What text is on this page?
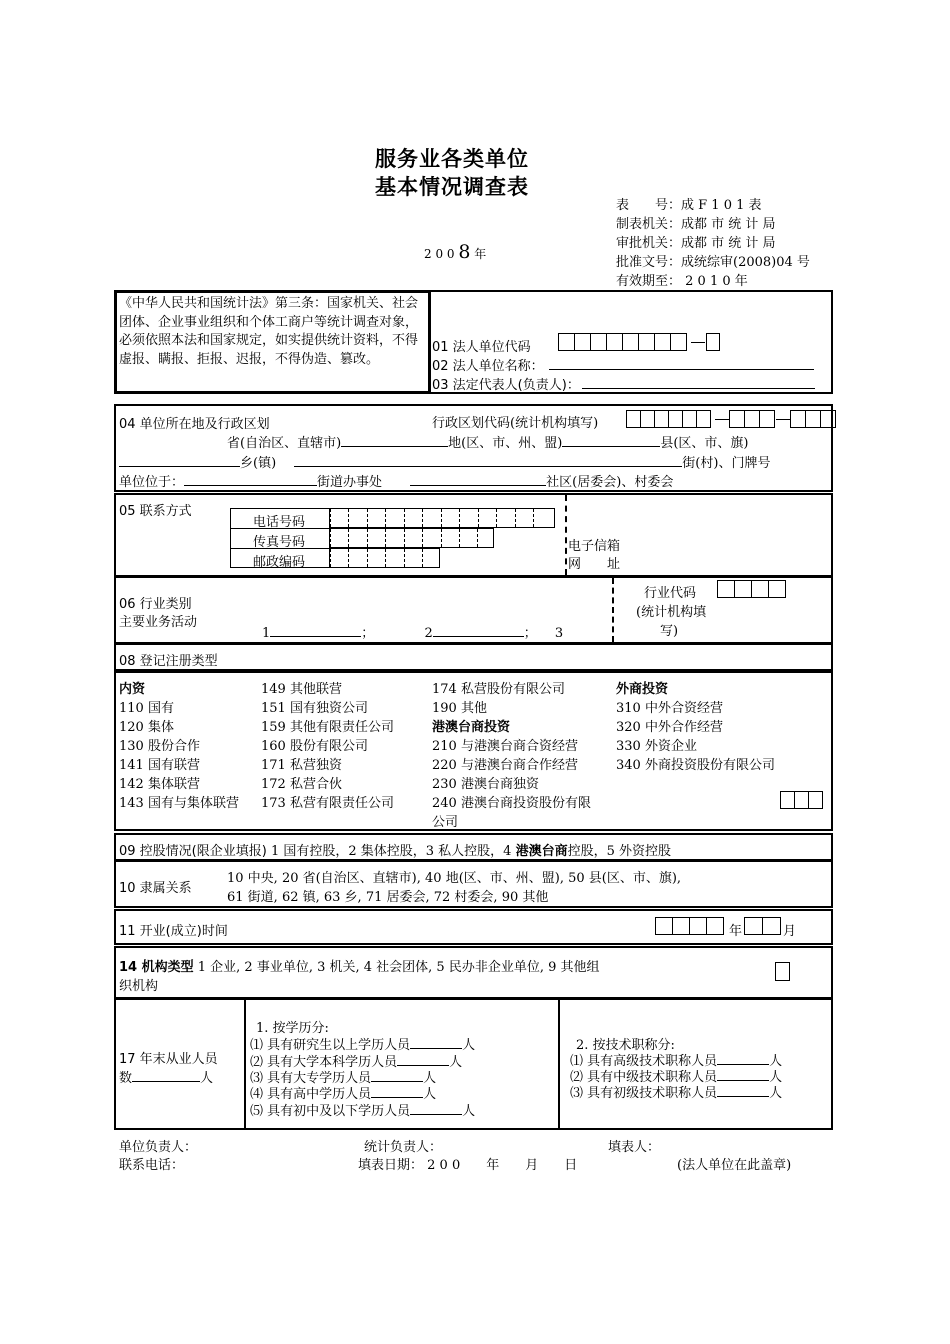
服务业各类单位
基本情况调查表
2 0 0 8 年
表　　号：成 F 1 0 1 表
制表机关：成都 市 统 计 局
审批机关：成都 市 统 计 局
批准文号：成统综审(2008)04 号
有效期至： 2 0 1 0 年
《中华人民共和国统计法》第三条：国家机关、社会团体、企业事业组织和个体工商户等统计调查对象，必须依照本法和国家规定，如实提供统计资料，不得虚报、瞒报、拒报、迟报，不得伪造、篡改。
01 法人单位代码
02 法人单位名称：
03 法定代表人(负责人)：
04 单位所在地及行政区划	行政区划代码(统计机构填写)
省(自治区、直辖市)	地(区、市、州、盟)	县(区、市、旗)
乡(镇)	街(村)、门牌号
单位位于：	街道办事处	社区(居委会)、村委会
05 联系方式
电话号码
传真号码
邮政编码
电子信箱
网　　址
06 行业类别
主要业务活动
1	；	2	； 3
行业代码
(统计机构填
写)
08 登记注册类型
内资
110 国有
120 集体
130 股份合作
141 国有联营
142 集体联营
143 国有与集体联营
149 其他联营
151 国有独资公司
159 其他有限责任公司
160 股份有限公司
171 私营独资
172 私营合伙
173 私营有限责任公司
174 私营股份有限公司
190 其他
港澳台商投资
210 与港澳台商合资经营
220 与港澳台商合作经营
230 港澳台商独资
240 港澳台商投资股份有限
公司
外商投资
310 中外合资经营
320 中外合作经营
330 外资企业
340 外商投资股份有限公司
09 控股情况(限企业填报) 1 国有控股，2 集体控股，3 私人控股，4 港澳台商控股，5 外资控股
10 隶属关系
10 中央, 20 省(自治区、直辖市), 40 地(区、市、州、盟), 50 县(区、市、旗),
61 街道, 62 镇, 63 乡, 71 居委会, 72 村委会, 90 其他
11 开业(成立)时间	年	月
14 机构类型 1 企业, 2 事业单位, 3 机关, 4 社会团体, 5 民办非企业单位, 9 其他组
织机构
17 年末从业人员
数	人
1. 按学历分:
⑴ 具有研究生以上学历人员	人
⑵ 具有大学本科学历人员	人
⑶ 具有大专学历人员	人
⑷ 具有高中学历人员	人
⑸ 具有初中及以下学历人员	人
2. 按技术职称分:
⑴ 具有高级技术职称人员	人
⑵ 具有中级技术职称人员	人
⑶ 具有初级技术职称人员	人
单位负责人：	统计负责人：	填表人：
联系电话：	填表日期： 2 0 0　　年　　月　　日	(法人单位在此盖章)
